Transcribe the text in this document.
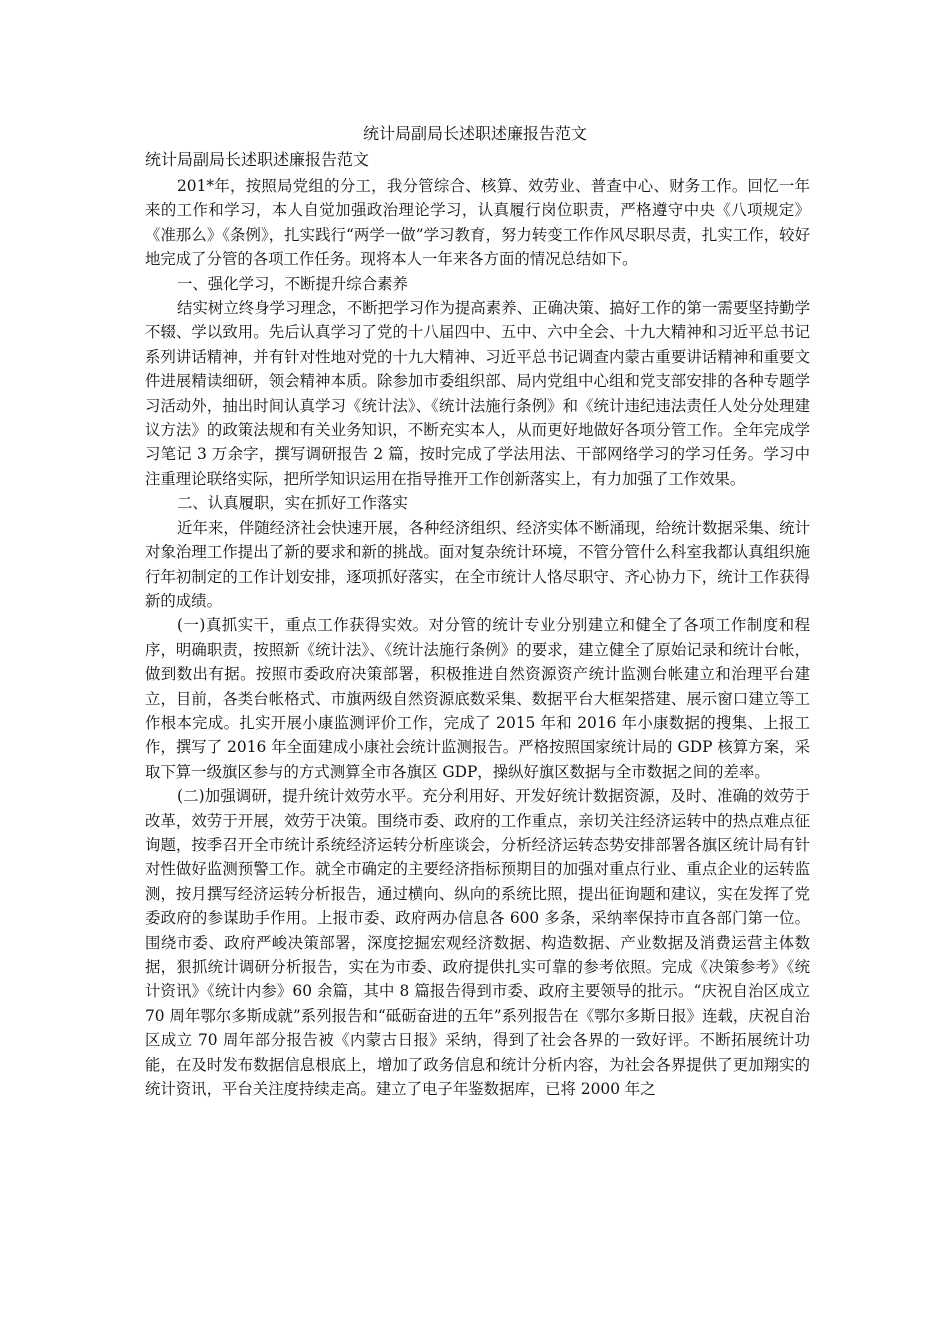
统计局副局长述职述廉报告范文
统计局副局长述职述廉报告范文

201*年，按照局党组的分工，我分管综合、核算、效劳业、普查中心、财务工作。回忆一年来的工作和学习，本人自觉加强政治理论学习，认真履行岗位职责，严格遵守中央《八项规定》《准那么》《条例》，扎实践行“两学一做”学习教育，努力转变工作作风尽职尽责，扎实工作，较好地完成了分管的各项工作任务。现将本人一年来各方面的情况总结如下。

一、强化学习，不断提升综合素养

结实树立终身学习理念，不断把学习作为提高素养、正确决策、搞好工作的第一需要坚持勤学不辍、学以致用。先后认真学习了党的十八届四中、五中、六中全会、十九大精神和习近平总书记系列讲话精神，并有针对性地对党的十九大精神、习近平总书记调查内蒙古重要讲话精神和重要文件进展精读细研，领会精神本质。除参加市委组织部、局内党组中心组和党支部安排的各种专题学习活动外，抽出时间认真学习《统计法》、《统计法施行条例》和《统计违纪违法责任人处分处理建议方法》的政策法规和有关业务知识，不断充实本人，从而更好地做好各项分管工作。全年完成学习笔记 3 万余字，撰写调研报告 2 篇，按时完成了学法用法、干部网络学习的学习任务。学习中注重理论联络实际，把所学知识运用在指导推开工作创新落实上，有力加强了工作效果。

二、认真履职，实在抓好工作落实

近年来，伴随经济社会快速开展，各种经济组织、经济实体不断涌现，给统计数据采集、统计对象治理工作提出了新的要求和新的挑战。面对复杂统计环境，不管分管什么科室我都认真组织施行年初制定的工作计划安排，逐项抓好落实，在全市统计人恪尽职守、齐心协力下，统计工作获得新的成绩。

(一)真抓实干，重点工作获得实效。对分管的统计专业分别建立和健全了各项工作制度和程序，明确职责，按照新《统计法》、《统计法施行条例》的要求，建立健全了原始记录和统计台帐，做到数出有据。按照市委政府决策部署，积极推进自然资源资产统计监测台帐建立和治理平台建立，目前，各类台帐格式、市旗两级自然资源底数采集、数据平台大框架搭建、展示窗口建立等工作根本完成。扎实开展小康监测评价工作，完成了 2015 年和 2016 年小康数据的搜集、上报工作，撰写了 2016 年全面建成小康社会统计监测报告。严格按照国家统计局的 GDP 核算方案，采取下算一级旗区参与的方式测算全市各旗区 GDP，操纵好旗区数据与全市数据之间的差率。

(二)加强调研，提升统计效劳水平。充分利用好、开发好统计数据资源，及时、准确的效劳于改革，效劳于开展，效劳于决策。围绕市委、政府的工作重点，亲切关注经济运转中的热点难点征询题，按季召开全市统计系统经济运转分析座谈会，分析经济运转态势安排部署各旗区统计局有针对性做好监测预警工作。就全市确定的主要经济指标预期目的加强对重点行业、重点企业的运转监测，按月撰写经济运转分析报告，通过横向、纵向的系统比照，提出征询题和建议，实在发挥了党委政府的参谋助手作用。上报市委、政府两办信息各 600 多条，采纳率保持市直各部门第一位。围绕市委、政府严峻决策部署，深度挖掘宏观经济数据、构造数据、产业数据及消费运营主体数据，狠抓统计调研分析报告，实在为市委、政府提供扎实可靠的参考依照。完成《决策参考》《统计资讯》《统计内参》60 余篇，其中 8 篇报告得到市委、政府主要领导的批示。“庆祝自治区成立 70 周年鄂尔多斯成就”系列报告和“砥砺奋进的五年”系列报告在《鄂尔多斯日报》连载，庆祝自治区成立 70 周年部分报告被《内蒙古日报》采纳，得到了社会各界的一致好评。不断拓展统计功能，在及时发布数据信息根底上，增加了政务信息和统计分析内容，为社会各界提供了更加翔实的统计资讯，平台关注度持续走高。建立了电子年鉴数据库，已将 2000 年之
